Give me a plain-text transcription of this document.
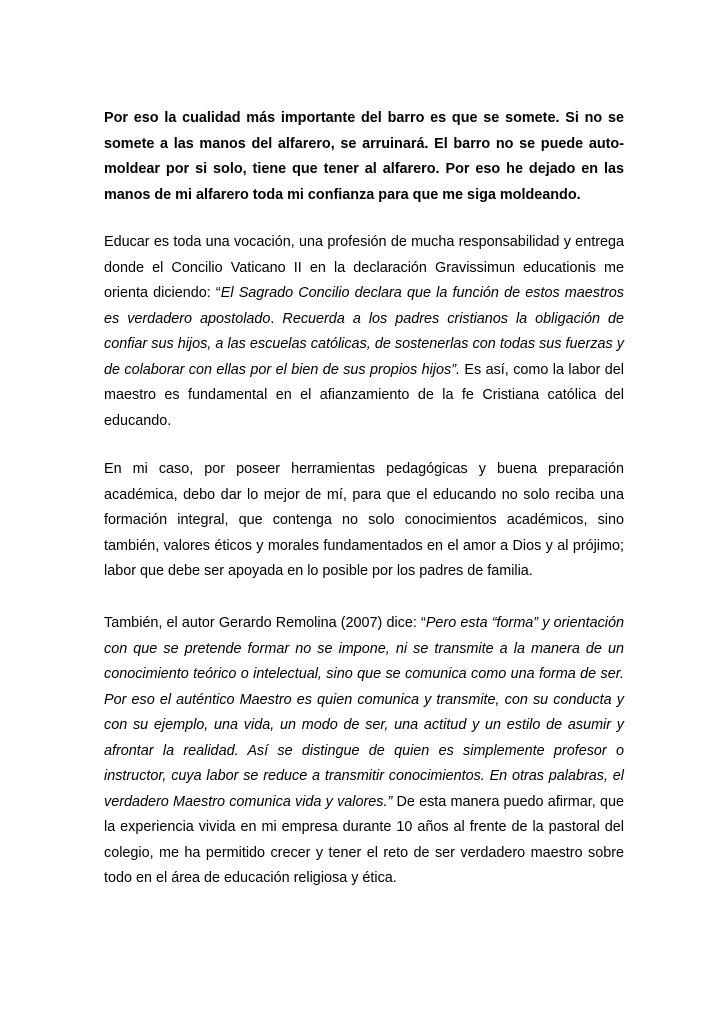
Por eso la cualidad más importante del barro es que se somete. Si no se somete a las manos del alfarero, se arruinará. El barro no se puede auto-moldear por si solo, tiene que tener al alfarero. Por eso he dejado en las manos de mi alfarero toda mi confianza para que me siga moldeando.

Educar es toda una vocación, una profesión de mucha responsabilidad y entrega donde el Concilio Vaticano II en la declaración Gravissimun educationis me orienta diciendo: “El Sagrado Concilio declara que la función de estos maestros es verdadero apostolado. Recuerda a los padres cristianos la obligación de confiar sus hijos, a las escuelas católicas, de sostenerlas con todas sus fuerzas y de colaborar con ellas por el bien de sus propios hijos”. Es así, como la labor del maestro es fundamental en el afianzamiento de la fe Cristiana católica del educando.

En mi caso, por poseer herramientas pedagógicas y buena preparación académica, debo dar lo mejor de mí, para que el educando no solo reciba una formación integral, que contenga no solo conocimientos académicos, sino también, valores éticos y morales fundamentados en el amor a Dios y al prójimo; labor que debe ser apoyada en lo posible por los padres de familia.

También, el autor Gerardo Remolina (2007) dice: “Pero esta “forma” y orientación con que se pretende formar no se impone, ni se transmite a la manera de un conocimiento teórico o intelectual, sino que se comunica como una forma de ser. Por eso el auténtico Maestro es quien comunica y transmite, con su conducta y con su ejemplo, una vida, un modo de ser, una actitud y un estilo de asumir y afrontar la realidad. Así se distingue de quien es simplemente profesor o instructor, cuya labor se reduce a transmitir conocimientos. En otras palabras, el verdadero Maestro comunica vida y valores.” De esta manera puedo afirmar, que la experiencia vivida en mi empresa durante 10 años al frente de la pastoral del colegio, me ha permitido crecer y tener el reto de ser verdadero maestro sobre todo en el área de educación religiosa y ética.
